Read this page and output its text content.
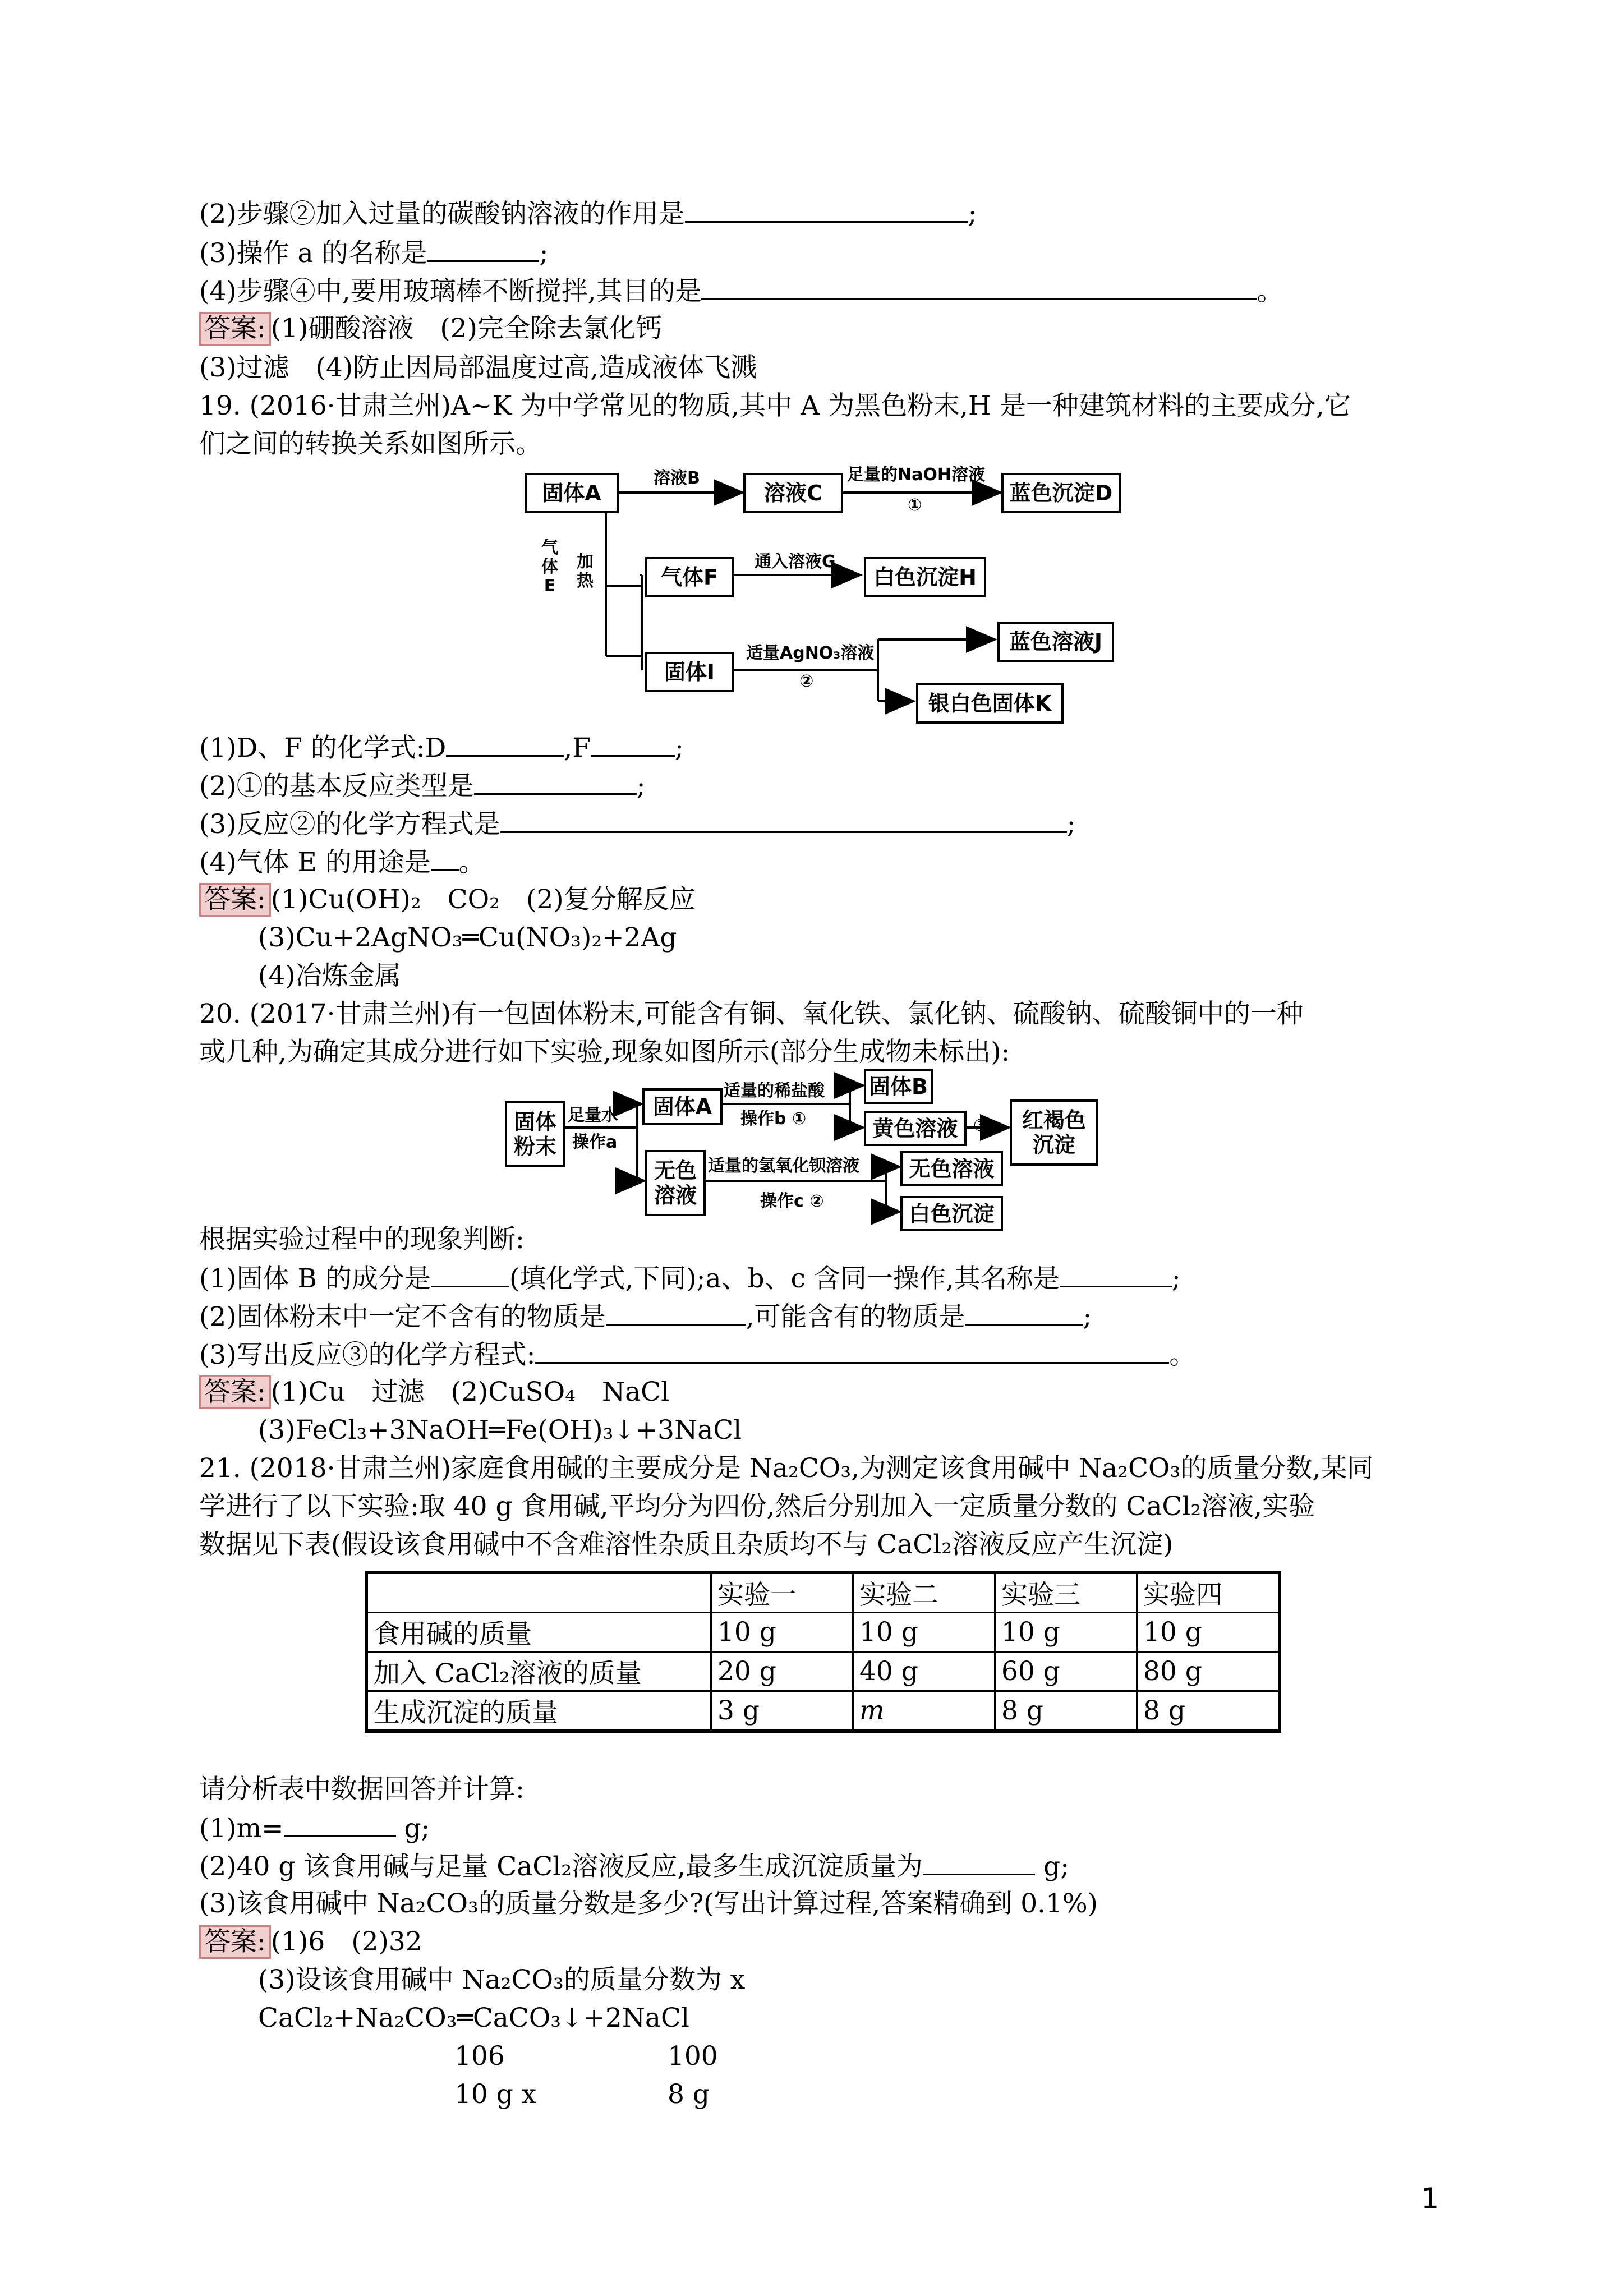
(2)步骤②加入过量的碳酸钠溶液的作用是	;
(3)操作 a 的名称是	;
(4)步骤④中,要用玻璃棒不断搅拌,其目的是	。
答案: (1)硼酸溶液　(2)完全除去氯化钙
(3)过滤　(4)防止因局部温度过高,造成液体飞溅
19. (2016·甘肃兰州)A~K 为中学常见的物质,其中 A 为黑色粉末,H 是一种建筑材料的主要成分,它
们之间的转换关系如图所示。
固体A	溶液C	蓝色沉淀D
气体F	白色沉淀H
固体I
蓝色溶液J
银白色固体K
溶液B	足量的NaOH溶液
①
气体E
加热
通入溶液G
适量AgNO₃溶液
②
(1)D、F 的化学式:D	,F	;
(2)①的基本反应类型是	;
(3)反应②的化学方程式是	;
(4)气体 E 的用途是 。
答案: (1)Cu(OH)₂　CO₂　(2)复分解反应
(3)Cu+2AgNO₃═Cu(NO₃)₂+2Ag
(4)冶炼金属
20. (2017·甘肃兰州)有一包固体粉末,可能含有铜、氧化铁、氯化钠、硫酸钠、硫酸铜中的一种
或几种,为确定其成分进行如下实验,现象如图所示(部分生成物未标出):
固体粉末
固体A
固体B
黄色溶液	红褐色沉淀
无色溶液
无色溶液
白色沉淀
足量水
操作a
适量的稀盐酸
操作b ①	③
适量的氢氧化钡溶液
操作c ②
根据实验过程中的现象判断:
(1)固体 B 的成分是	(填化学式,下同);a、b、c 含同一操作,其名称是	;
(2)固体粉末中一定不含有的物质是	,可能含有的物质是	;
(3)写出反应③的化学方程式:	。
答案: (1)Cu　过滤　(2)CuSO₄　NaCl
(3)FeCl₃+3NaOH═Fe(OH)₃↓+3NaCl
21. (2018·甘肃兰州)家庭食用碱的主要成分是 Na₂CO₃,为测定该食用碱中 Na₂CO₃的质量分数,某同
学进行了以下实验:取 40 g 食用碱,平均分为四份,然后分别加入一定质量分数的 CaCl₂溶液,实验
数据见下表(假设该食用碱中不含难溶性杂质且杂质均不与 CaCl₂溶液反应产生沉淀)
	实验一	实验二	实验三	实验四
食用碱的质量	10 g	10 g	10 g	10 g
加入 CaCl₂溶液的质量	20 g	40 g	60 g	80 g
生成沉淀的质量	3 g	m	8 g	8 g
请分析表中数据回答并计算:
(1)m=	g;
(2)40 g 该食用碱与足量 CaCl₂溶液反应,最多生成沉淀质量为	g;
(3)该食用碱中 Na₂CO₃的质量分数是多少?(写出计算过程,答案精确到 0.1%)
答案: (1)6　(2)32
(3)设该食用碱中 Na₂CO₃的质量分数为 x
CaCl₂+Na₂CO₃═CaCO₃↓+2NaCl
106	100
10 g x	8 g
1
